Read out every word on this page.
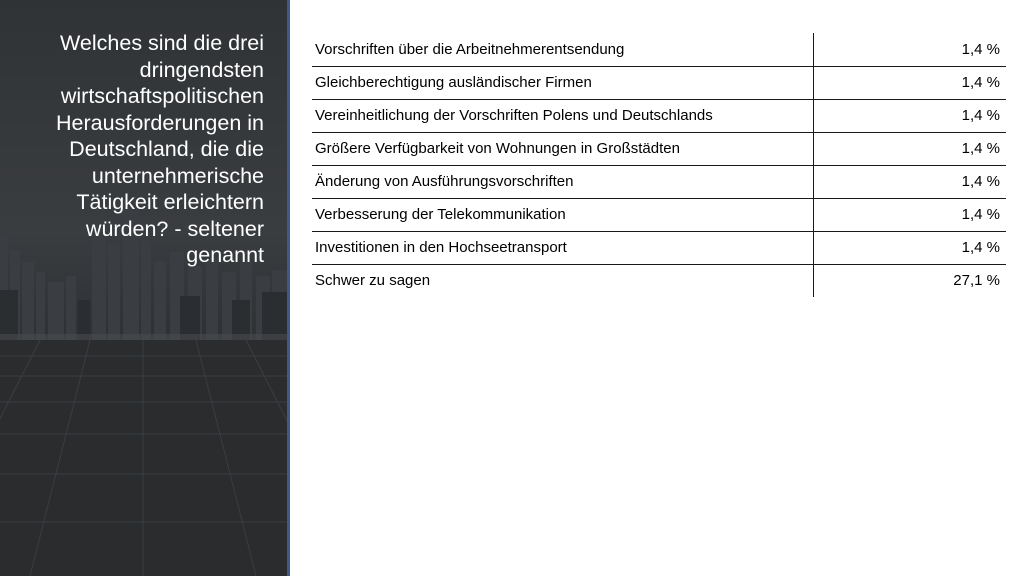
Welches sind die drei dringendsten wirtschaftspolitischen Herausforderungen in Deutschland, die die unternehmerische Tätigkeit erleichtern würden? - seltener genannt
Vorschriften über die Arbeitnehmerentsendung	1,4 %
Gleichberechtigung ausländischer Firmen	1,4 %
Vereinheitlichung der Vorschriften Polens und Deutschlands	1,4 %
Größere Verfügbarkeit von Wohnungen in Großstädten	1,4 %
Änderung von Ausführungsvorschriften	1,4 %
Verbesserung der Telekommunikation	1,4 %
Investitionen in den Hochseetransport	1,4 %
Schwer zu sagen	27,1 %
